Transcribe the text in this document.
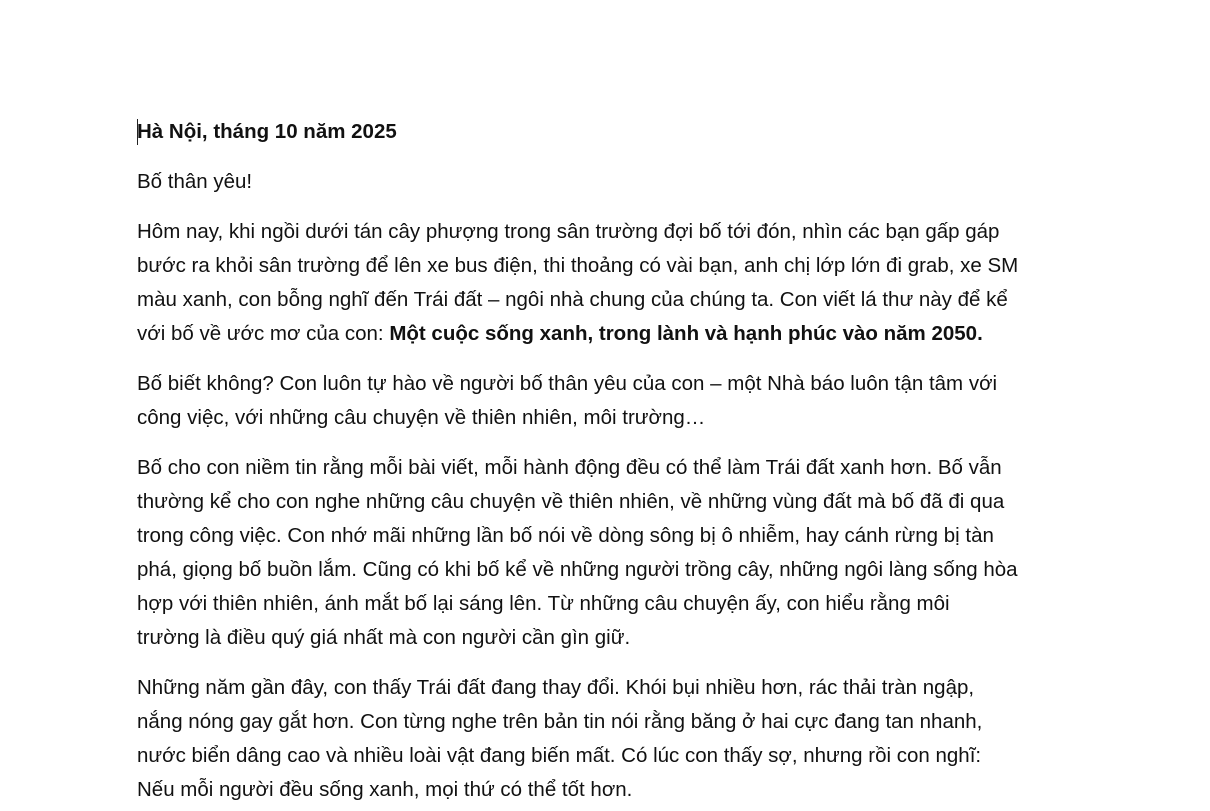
Hà Nội, tháng 10 năm 2025

Bố thân yêu!

Hôm nay, khi ngồi dưới tán cây phượng trong sân trường đợi bố tới đón, nhìn các bạn gấp gáp
bước ra khỏi sân trường để lên xe bus điện, thi thoảng có vài bạn, anh chị lớp lớn đi grab, xe SM
màu xanh, con bỗng nghĩ đến Trái đất – ngôi nhà chung của chúng ta. Con viết lá thư này để kể
với bố về ước mơ của con: Một cuộc sống xanh, trong lành và hạnh phúc vào năm 2050.

Bố biết không? Con luôn tự hào về người bố thân yêu của con – một Nhà báo luôn tận tâm với
công việc, với những câu chuyện về thiên nhiên, môi trường…

Bố cho con niềm tin rằng mỗi bài viết, mỗi hành động đều có thể làm Trái đất xanh hơn. Bố vẫn
thường kể cho con nghe những câu chuyện về thiên nhiên, về những vùng đất mà bố đã đi qua
trong công việc. Con nhớ mãi những lần bố nói về dòng sông bị ô nhiễm, hay cánh rừng bị tàn
phá, giọng bố buồn lắm. Cũng có khi bố kể về những người trồng cây, những ngôi làng sống hòa
hợp với thiên nhiên, ánh mắt bố lại sáng lên. Từ những câu chuyện ấy, con hiểu rằng môi
trường là điều quý giá nhất mà con người cần gìn giữ.

Những năm gần đây, con thấy Trái đất đang thay đổi. Khói bụi nhiều hơn, rác thải tràn ngập,
nắng nóng gay gắt hơn. Con từng nghe trên bản tin nói rằng băng ở hai cực đang tan nhanh,
nước biển dâng cao và nhiều loài vật đang biến mất. Có lúc con thấy sợ, nhưng rồi con nghĩ:
Nếu mỗi người đều sống xanh, mọi thứ có thể tốt hơn.
